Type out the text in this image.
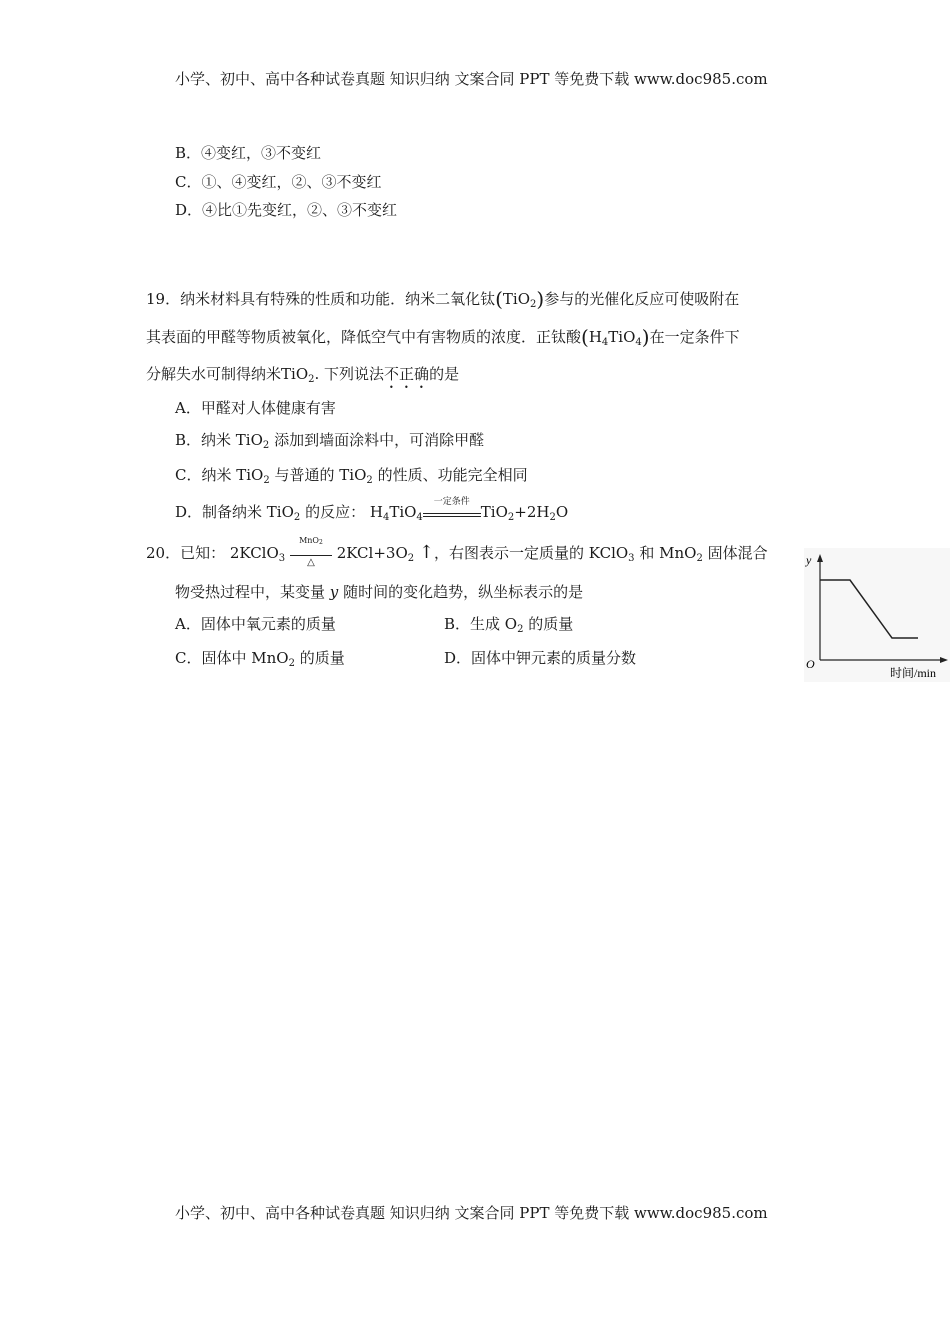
小学、初中、高中各种试卷真题 知识归纳 文案合同 PPT 等免费下载 www.doc985.com
小学、初中、高中各种试卷真题 知识归纳 文案合同 PPT 等免费下载 www.doc985.com
B．④变红，③不变红
C．①、④变红，②、③不变红
D．④比①先变红，②、③不变红
19．纳米材料具有特殊的性质和功能．纳米二氧化钛(TiO$_2$)参与的光催化反应可使吸附在
其表面的甲醛等物质被氧化，降低空气中有害物质的浓度．正钛酸$(H_4TiO_4)$在一定条件下
分解失水可制得纳米TiO$_2$. 下列说法不正确的是
A．甲醛对人体健康有害
B．纳米 TiO$_2$ 添加到墙面涂料中，可消除甲醛
C．纳米 TiO$_2$ 与普通的 TiO$_2$ 的性质、功能完全相同
D．制备纳米 TiO$_2$ 的反应： $H_4TiO_4$
一定条件
$TiO_2+2H_2O$
20．已知： 2KClO$_3$
MnO$_2$
△
$2KCl+3O_2$ ↑，右图表示一定质量的 KClO$_3$ 和 MnO$_2$ 固体混合
物受热过程中，某变量 y 随时间的变化趋势，纵坐标表示的是
A．固体中氧元素的质量	B．生成 $O_2$ 的质量
C．固体中 MnO$_2$ 的质量	D．固体中钾元素的质量分数
y
O
时间/min
